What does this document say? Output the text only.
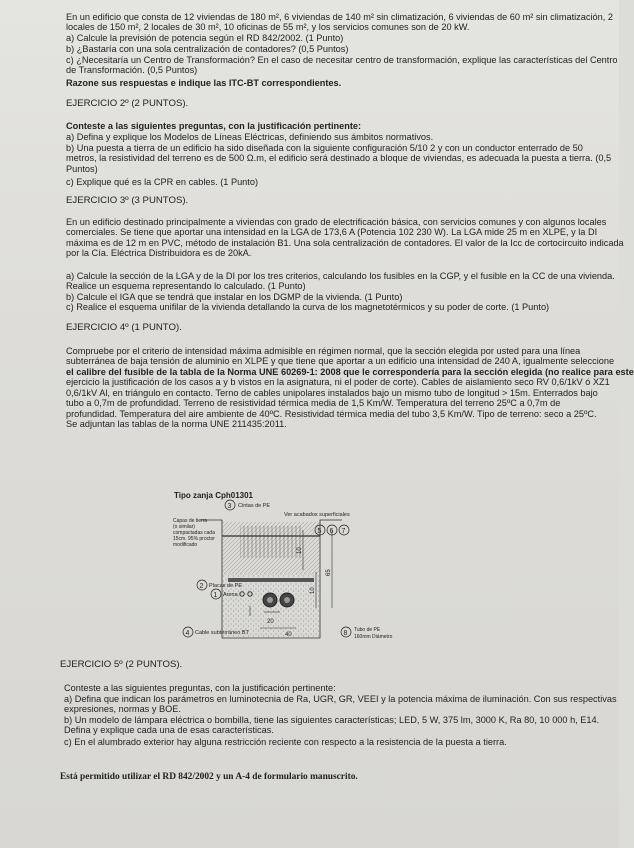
En un edificio que consta de 12 viviendas de 180 m², 6 viviendas de 140 m² sin climatización, 6 viviendas de 60 m² sin climatización, 2
locales de 150 m², 2 locales de 30 m², 10 oficinas de 55 m², y los servicios comunes son de 20 kW.
a) Calcule la previsión de potencia según el RD 842/2002. (1 Punto)
b) ¿Bastaría con una sola centralización de contadores? (0,5 Puntos)
c) ¿Necesitaría un Centro de Transformación? En el caso de necesitar centro de transformación, explique las características del Centro
de Transformación. (0,5 Puntos)
Razone sus respuestas e indique las ITC-BT correspondientes.
EJERCICIO 2º (2 PUNTOS).
Conteste a las siguientes preguntas, con la justificación pertinente:
a) Defina y explique los Modelos de Líneas Eléctricas, definiendo sus ámbitos normativos.
b) Una puesta a tierra de un edificio ha sido diseñada con la siguiente configuración 5/10 2 y con un conductor enterrado de 50
metros, la resistividad del terreno es de 500 Ω.m, el edificio será destinado a bloque de viviendas, es adecuada la puesta a tierra. (0,5
Puntos)
c) Explique qué es la CPR en cables. (1 Punto)
EJERCICIO 3º (3 PUNTOS).
En un edificio destinado principalmente a viviendas con grado de electrificación básica, con servicios comunes y con algunos locales
comerciales. Se tiene que aportar una intensidad en la LGA de 173,6 A (Potencia 102 230 W). La LGA mide 25 m en XLPE, y la DI
máxima es de 12 m en PVC, método de instalación B1. Una sola centralización de contadores. El valor de la Icc de cortocircuito indicada
por la Cía. Eléctrica Distribuidora es de 20kA.
a) Calcule la sección de la LGA y de la DI por los tres criterios, calculando los fusibles en la CGP, y el fusible en la CC de una vivienda.
Realice un esquema representando lo calculado. (1 Punto)
b) Calcule el IGA que se tendrá que instalar en los DGMP de la vivienda. (1 Punto)
c) Realice el esquema unifilar de la vivienda detallando la curva de los magnetotérmicos y su poder de corte. (1 Punto)
EJERCICIO 4º (1 PUNTO).
Compruebe por el criterio de intensidad máxima admisible en régimen normal, que la sección elegida por usted para una línea
subterránea de baja tensión de aluminio en XLPE y que tiene que aportar a un edificio una intensidad de 240 A, igualmente seleccione
el calibre del fusible de la tabla de la Norma UNE 60269-1: 2008 que le correspondería para la sección elegida (no realice para este
ejercicio la justificación de los casos a y b vistos en la asignatura, ni el poder de corte). Cables de aislamiento seco RV 0,6/1kV ó XZ1
0,6/1kV Al, en triángulo en contacto. Terno de cables unipolares instalados bajo un mismo tubo de longitud > 15m. Enterrados bajo
tubo a 0,7m de profundidad. Terreno de resistividad térmica media de 1,5 Km/W. Temperatura del terreno 25ºC a 0,7m de
profundidad. Temperatura del aire ambiente de 40ºC. Resistividad térmica media del tubo 3,5 Km/W. Tipo de terreno: seco a 25ºC.
Se adjuntan las tablas de la norma UNE 211435:2011.
Tipo zanja Cph01301
3 Cintas de PE
Ver acabados superficiales
Capas de tierra
(o similar)
compactadas cada
15cm. 95% proctor
modificado
5 6 7
2 Placas de PE
1 Arena
10
65
10
20
40
4 Cable subterráneo BT	8 Tubo de PE
160mm Diámetro
EJERCICIO 5º (2 PUNTOS).
Conteste a las siguientes preguntas, con la justificación pertinente:
a) Defina que indican los parámetros en luminotecnia de Ra, UGR, GR, VEEI y la potencia máxima de iluminación. Con sus respectivas
expresiones, normas y BOE.
b) Un modelo de lámpara eléctrica o bombilla, tiene las siguientes características; LED, 5 W, 375 lm, 3000 K, Ra 80, 10 000 h, E14.
Defina y explique cada una de esas características.
c) En el alumbrado exterior hay alguna restricción reciente con respecto a la resistencia de la puesta a tierra.
Está permitido utilizar el RD 842/2002 y un A-4 de formulario manuscrito.
